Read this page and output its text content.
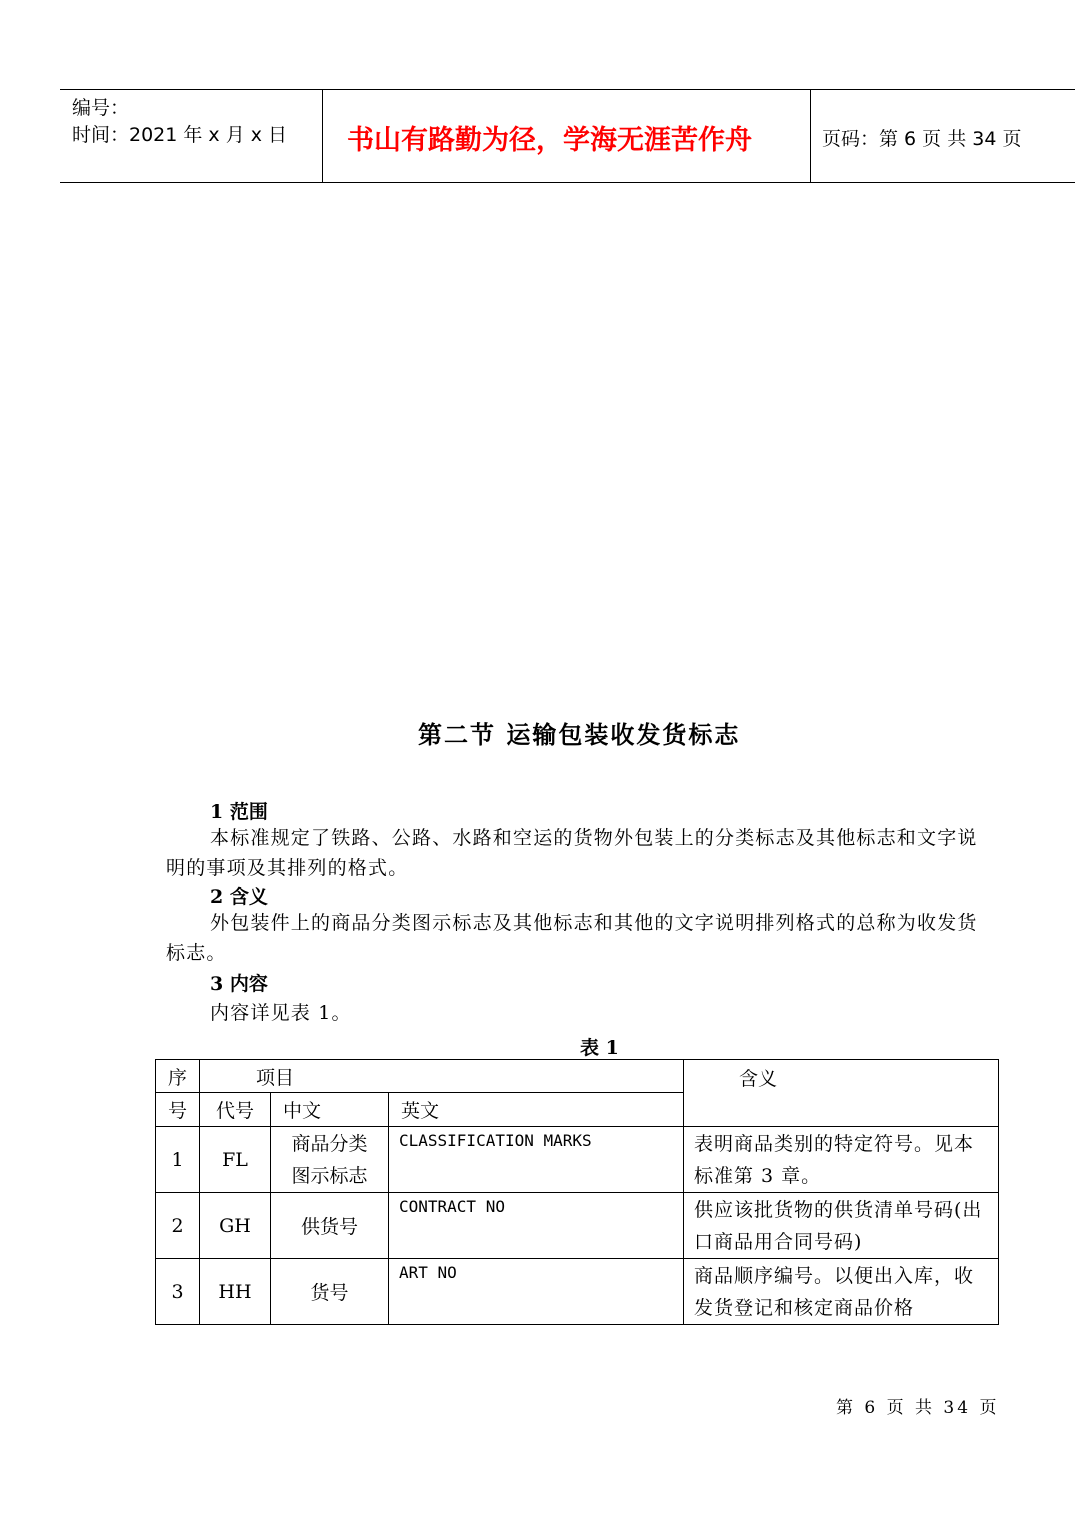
编号：
时间：2021 年 x 月 x 日 书山有路勤为径，学海无涯苦作舟	页码：第 6 页 共 34 页
第二节 运输包装收发货标志
1 范围
本标准规定了铁路、公路、水路和空运的货物外包装上的分类标志及其他标志和文字说明的事项及其排列的格式。
2 含义
外包装件上的商品分类图示标志及其他标志和其他的文字说明排列格式的总称为收发货标志。
3 内容
内容详见表 1。
表 1
序	项目			含义
号	代号	中文	英文	
1	FL	商品分类图示标志	CLASSIFICATION MARKS	表明商品类别的特定符号。见本标准第 3 章。
2	GH	供货号	CONTRACT NO	供应该批货物的供货清单号码(出口商品用合同号码)
3	HH	货号	ART NO	商品顺序编号。以便出入库，收发货登记和核定商品价格
第 6 页 共 34 页
